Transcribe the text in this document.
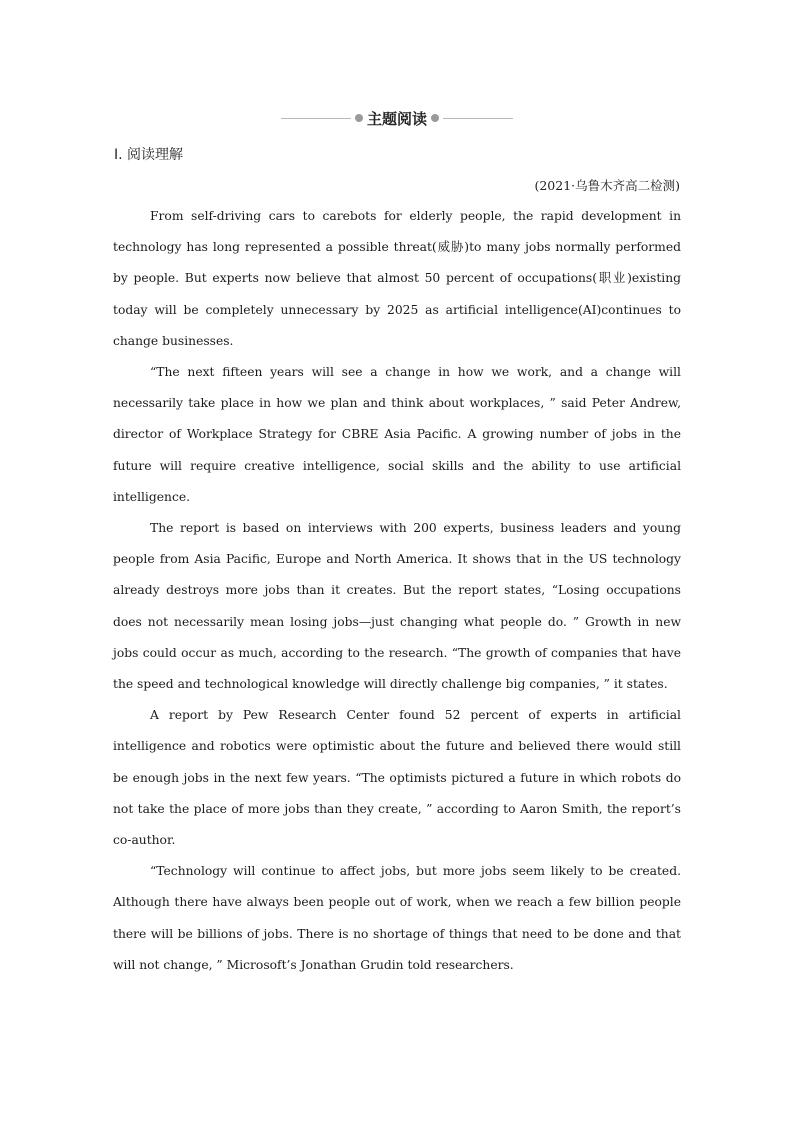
主题阅读
Ⅰ. 阅读理解
(2021·乌鲁木齐高二检测)

From self-driving cars to carebots for elderly people, the rapid development in technology has long represented a possible threat(威胁)to many jobs normally performed by people. But experts now believe that almost 50 percent of occupations(职业)existing today will be completely unnecessary by 2025 as artificial intelligence(AI)continues to change businesses.

“The next fifteen years will see a change in how we work, and a change will necessarily take place in how we plan and think about workplaces, ” said Peter Andrew, director of Workplace Strategy for CBRE Asia Pacific. A growing number of jobs in the future will require creative intelligence, social skills and the ability to use artificial intelligence.

The report is based on interviews with 200 experts, business leaders and young people from Asia Pacific, Europe and North America. It shows that in the US technology already destroys more jobs than it creates. But the report states, “Losing occupations does not necessarily mean losing jobs—just changing what people do. ” Growth in new jobs could occur as much, according to the research. “The growth of companies that have the speed and technological knowledge will directly challenge big companies, ” it states.

A report by Pew Research Center found 52 percent of experts in artificial intelligence and robotics were optimistic about the future and believed there would still be enough jobs in the next few years. “The optimists pictured a future in which robots do not take the place of more jobs than they create, ” according to Aaron Smith, the report’s co-author.

“Technology will continue to affect jobs, but more jobs seem likely to be created. Although there have always been people out of work, when we reach a few billion people there will be billions of jobs. There is no shortage of things that need to be done and that will not change, ” Microsoft’s Jonathan Grudin told researchers.
